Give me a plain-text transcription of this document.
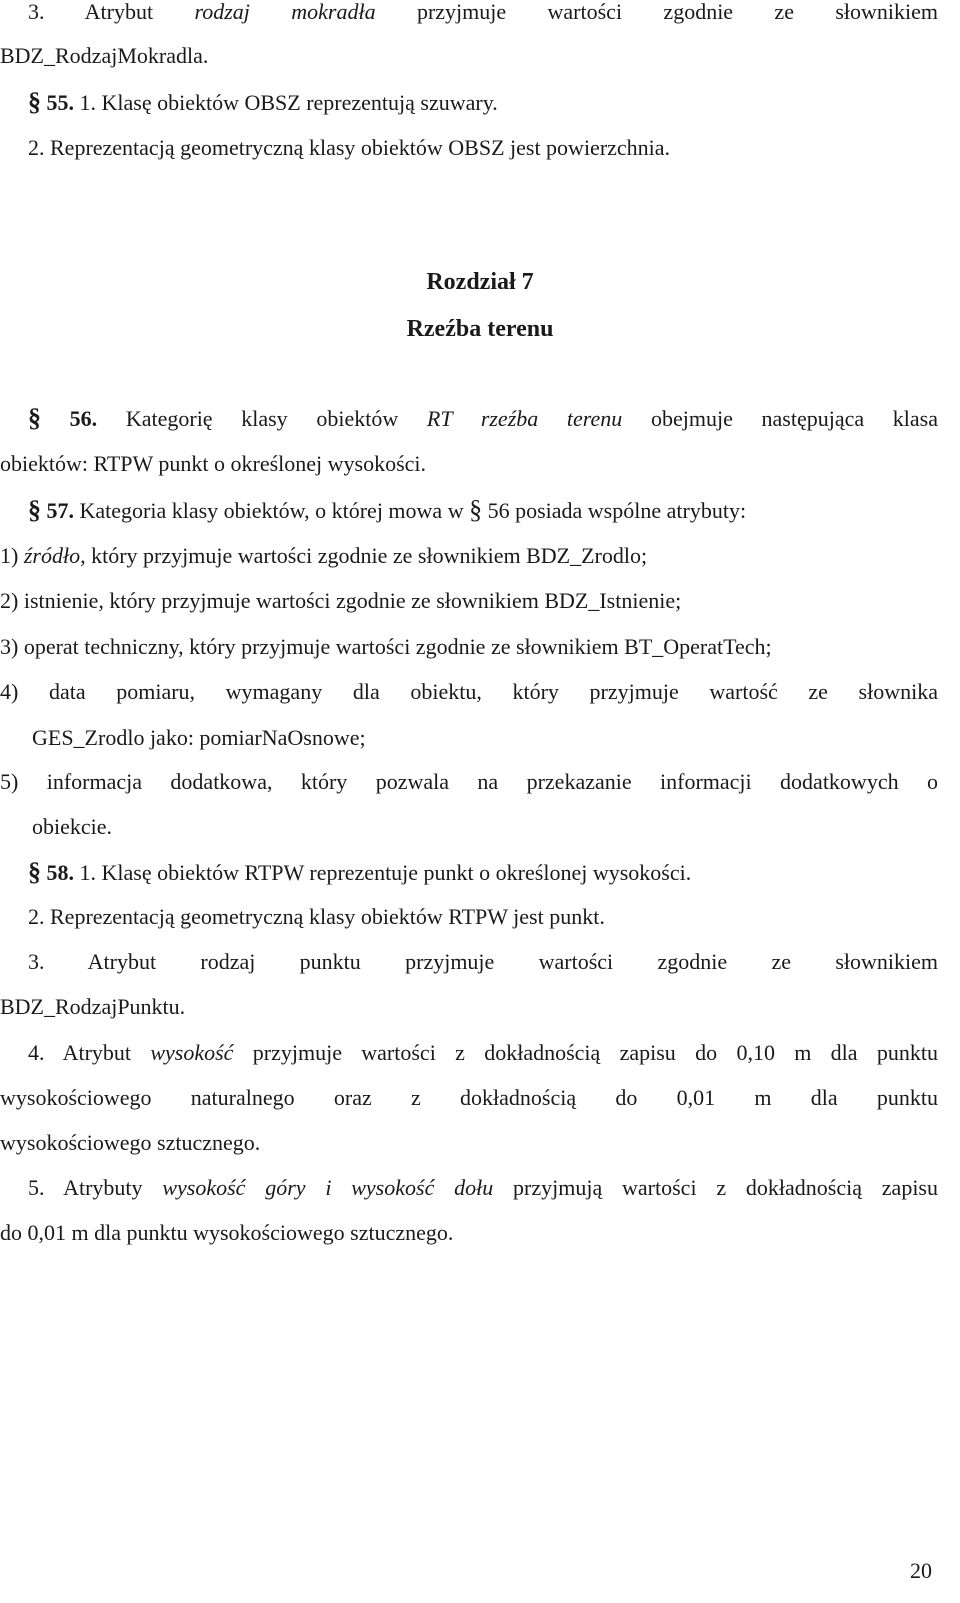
3. Atrybut rodzaj mokradła przyjmuje wartości zgodnie ze słownikiem
BDZ_RodzajMokradla.
§ 55. 1. Klasę obiektów OBSZ reprezentują szuwary.
2. Reprezentacją geometryczną klasy obiektów OBSZ jest powierzchnia.
Rozdział 7
Rzeźba terenu
§ 56. Kategorię klasy obiektów RT rzeźba terenu obejmuje następująca klasa
obiektów: RTPW punkt o określonej wysokości.
§ 57. Kategoria klasy obiektów, o której mowa w § 56 posiada wspólne atrybuty:
1) źródło, który przyjmuje wartości zgodnie ze słownikiem BDZ_Zrodlo;
2) istnienie, który przyjmuje wartości zgodnie ze słownikiem BDZ_Istnienie;
3) operat techniczny, który przyjmuje wartości zgodnie ze słownikiem BT_OperatTech;
4) data pomiaru, wymagany dla obiektu, który przyjmuje wartość ze słownika
GES_Zrodlo jako: pomiarNaOsnowe;
5) informacja dodatkowa, który pozwala na przekazanie informacji dodatkowych o
obiekcie.
§ 58. 1. Klasę obiektów RTPW reprezentuje punkt o określonej wysokości.
2. Reprezentacją geometryczną klasy obiektów RTPW jest punkt.
3. Atrybut rodzaj punktu przyjmuje wartości zgodnie ze słownikiem
BDZ_RodzajPunktu.
4. Atrybut wysokość przyjmuje wartości z dokładnością zapisu do 0,10 m dla punktu
wysokościowego naturalnego oraz z dokładnością do 0,01 m dla punktu
wysokościowego sztucznego.
5. Atrybuty wysokość góry i wysokość dołu przyjmują wartości z dokładnością zapisu
do 0,01 m dla punktu wysokościowego sztucznego.
20
